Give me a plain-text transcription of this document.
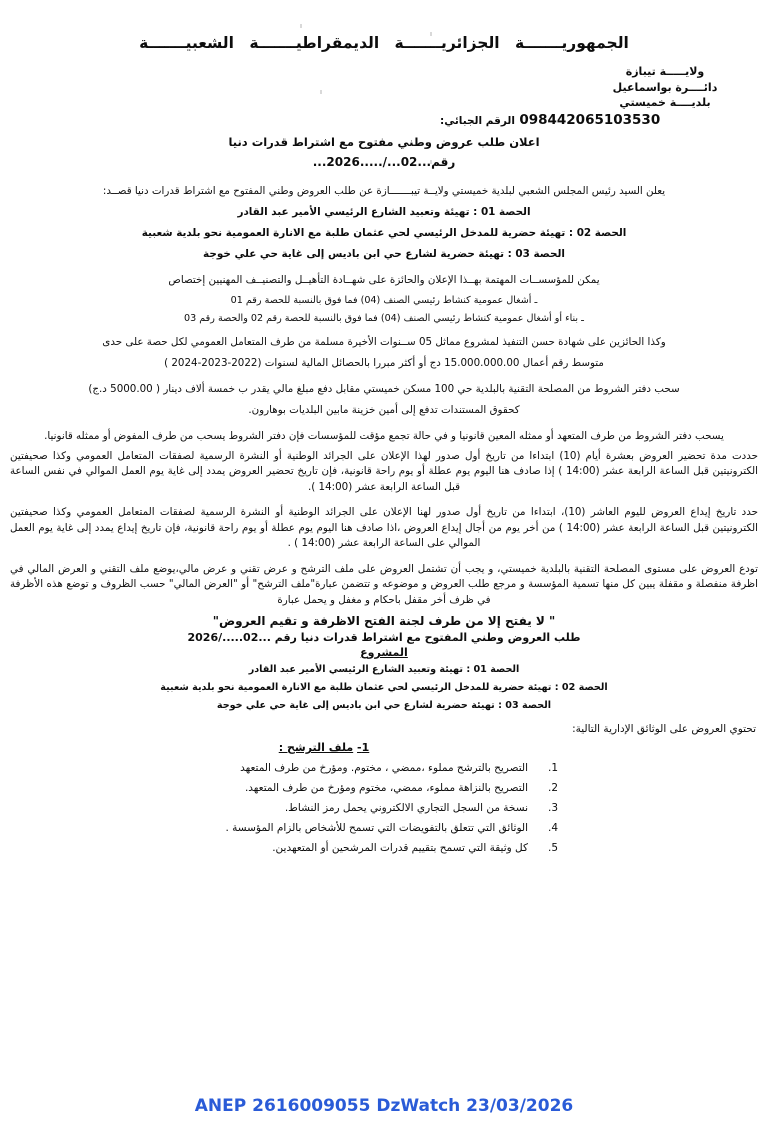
الجمهوريـــــــة الجزائريـــــــة الديمقراطيـــــــة الشعبيـــــــة
ولايـــــة تيبازة
دائــــرة بواسماعيل
بلديــــة خميستي
098442065103530 الرقم الجبائي:
اعلان طلب عروض وطني مفتوح مع اشتراط قدرات دنيا
رقم...02.../.....2026...

يعلن السيد رئيس المجلس الشعبي لبلدية خميستي ولايــة تيبـــــــازة عن طلب العروض وطني المفتوح مع اشتراط قدرات دنيا قصــد:

الحصة 01 : تهيئة وتعبيد الشارع الرئيسي الأمير عبد القادر

الحصة 02 : تهيئة حضرية للمدخل الرئيسي لحي عثمان طلبة مع الانارة العمومية نحو بلدية شعبية

الحصة 03 : تهيئة حضرية لشارع حي ابن باديس إلى غاية حي علي خوجة

يمكن للمؤسســات المهتمة بهــذا الإعلان والحائزة على شهــادة التأهيــل والتصنيــف المهنيين إختصاص

ـ أشغال عمومية كنشاط رئيسي الصنف (04) فما فوق بالنسبة للحصة رقم 01

ـ بناء أو أشغال عمومية كنشاط رئيسي الصنف (04) فما فوق بالنسبة للحصة رقم 02 والحصة رقم 03

وكذا الحائزين على شهادة حسن التنفيذ لمشروع مماثل 05 ســنوات الأخيرة مسلمة من طرف المتعامل العمومي لكل حصة على حدى

متوسط رقم أعمال 15.000.000.00 دج أو أكثر مبررا بالحصائل المالية لسنوات (2022-2023-2024 )

سحب دفتر الشروط من المصلحة التقنية بالبلدية حي 100 مسكن خميستي مقابل دفع مبلغ مالي يقدر ب خمسة ألاف دينار ( 5000.00 د.ج)

كحقوق المستندات تدفع إلى أمين خزينة مابين البلديات بوهارون.

يسحب دفتر الشروط من طرف المتعهد أو ممثله المعين قانونيا و في حالة تجمع مؤقت للمؤسسات فإن دفتر الشروط يسحب من طرف المفوض أو ممثله قانونيا.

حددت مدة تحضير العروض بعشرة أيام (10) ابتداءا من تاريخ أول صدور لهذا الإعلان على الجرائد الوطنية أو النشرة الرسمية لصفقات المتعامل العمومي وكذا صحيفتين الكترونيتين قبل الساعة الرابعة عشر (14:00 ) إذا صادف هنا اليوم يوم عطلة أو يوم راحة قانونية، فإن تاريخ تحضير العروض يمدد إلى غاية يوم العمل الموالي في نفس الساعة قبل الساعة الرابعة عشر (14:00 ).

حدد تاريخ إيداع العروض لليوم العاشر (10)، ابتداءا من تاريخ أول صدور لهنا الإعلان على الجرائد الوطنية أو النشرة الرسمية لصفقات المتعامل العمومي وكذا صحيفتين الكترونيتين قبل الساعة الرابعة عشر (14:00 ) من أخر يوم من أجال إيداع العروض ،اذا صادف هنا اليوم يوم عطلة أو يوم راحة قانونية، فإن تاريخ إيداع يمدد إلى غاية يوم العمل الموالي على الساعة الرابعة عشر (14:00 ) .

تودع العروض على مستوى المصلحة التقنية بالبلدية خميستي، و يجب أن تشتمل العروض على ملف الترشح و عرض تقني و عرض مالي،يوضع ملف التقني و العرض المالي في اظرفة منفصلة و مقفلة يبين كل منها تسمية المؤسسة و مرجع طلب العروض و موضوعه و تتضمن عبارة"ملف الترشح" أو "العرض المالي" حسب الظروف و توضع هذه الأظرفة في ظرف أخر مقفل باحكام و مغفل و يحمل عبارة

" لا يفتح إلا من طرف لجنة الفتح الاظرفة و تقيم العروض"

طلب العروض وطني المفتوح مع اشتراط قدرات دنيا رقم ...02...../2026

المشروع

الحصة 01 : تهيئة وتعبيد الشارع الرئيسي الأمير عبد القادر

الحصة 02 : تهيئة حضرية للمدخل الرئيسي لحي عثمان طلبة مع الانارة العمومية نحو بلدية شعبية

الحصة 03 : تهيئة حضرية لشارع حي ابن باديس إلى غاية حي علي خوجة

تحتوي العروض على الوثائق الإدارية التالية:

1- ملف الترشح :

1.التصريح بالترشح مملوء ،ممضي ، مختوم. ومؤرخ من طرف المتعهد
2.التصريح بالنزاهة مملوء، ممضي، مختوم ومؤرخ من طرف المتعهد.
3.نسخة من السجل التجاري الالكتروني يحمل رمز النشاط.
4.الوثائق التي تتعلق بالتفويضات التي تسمح للأشخاص بالزام المؤسسة .
5.كل وثيقة التي تسمح بتقييم قدرات المرشحين أو المتعهدين.
ANEP 2616009055 DzWatch 23/03/2026
